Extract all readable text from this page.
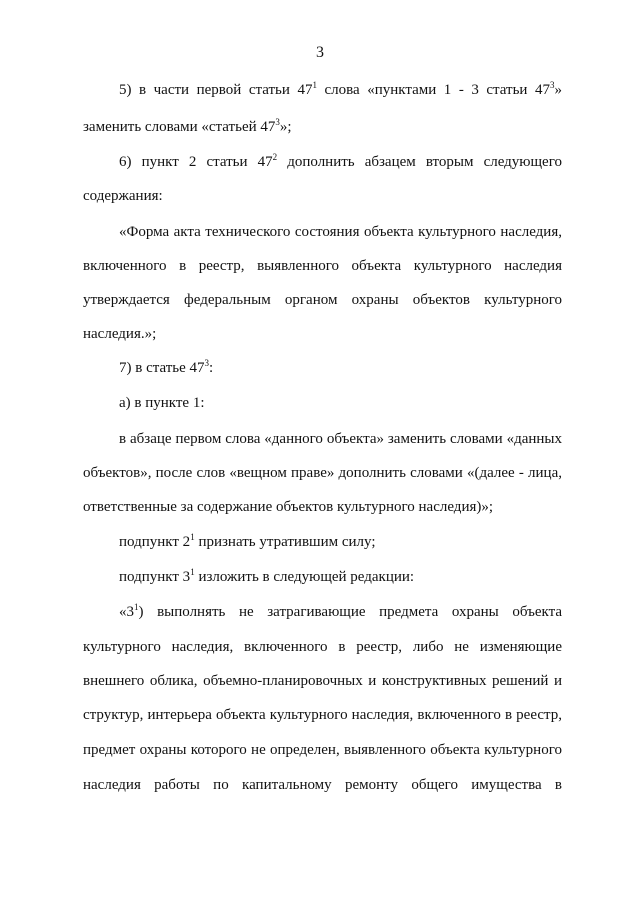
3
5) в части первой статьи $47^1$ слова «пунктами 1 - 3 статьи $47^3$»
заменить словами «статьей $47^3$»;
6) пункт 2 статьи $47^2$ дополнить абзацем вторым следующего
содержания:
«Форма акта технического состояния объекта культурного наследия,
включенного в реестр, выявленного объекта культурного наследия
утверждается федеральным органом охраны объектов культурного
наследия.»;
7) в статье $47^3$:
а) в пункте 1:
в абзаце первом слова «данного объекта» заменить словами «данных
объектов», после слов «вещном праве» дополнить словами «(далее - лица,
ответственные за содержание объектов культурного наследия)»;
подпункт $2^1$ признать утратившим силу;
подпункт $3^1$ изложить в следующей редакции:
«$3^1$) выполнять не затрагивающие предмета охраны объекта
культурного наследия, включенного в реестр, либо не изменяющие
внешнего облика, объемно-планировочных и конструктивных решений и
структур, интерьера объекта культурного наследия, включенного в реестр,
предмет охраны которого не определен, выявленного объекта культурного
наследия работы по капитальному ремонту общего имущества в
